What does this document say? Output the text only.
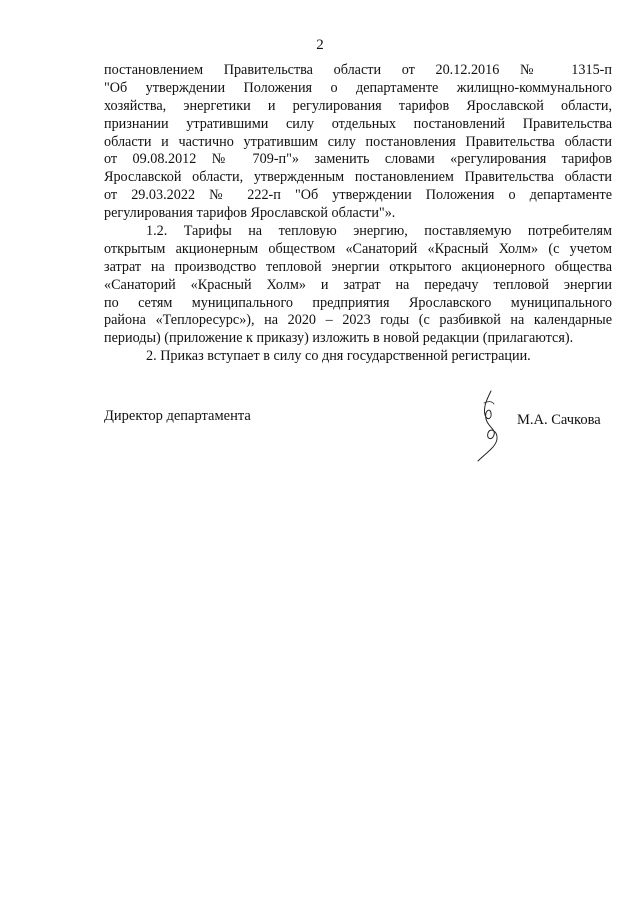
2
постановлением Правительства области от 20.12.2016 № 1315-п
"Об утверждении Положения о департаменте жилищно-коммунального
хозяйства, энергетики и регулирования тарифов Ярославской области,
признании утратившими силу отдельных постановлений Правительства
области и частично утратившим силу постановления Правительства области
от 09.08.2012 № 709-п"» заменить словами «регулирования тарифов
Ярославской области, утвержденным постановлением Правительства области
от 29.03.2022 № 222-п "Об утверждении Положения о департаменте
регулирования тарифов Ярославской области"».
1.2. Тарифы на тепловую энергию, поставляемую потребителям
открытым акционерным обществом «Санаторий «Красный Холм» (с учетом
затрат на производство тепловой энергии открытого акционерного общества
«Санаторий «Красный Холм» и затрат на передачу тепловой энергии
по сетям муниципального предприятия Ярославского муниципального
района «Теплоресурс»), на 2020 – 2023 годы (с разбивкой на календарные
периоды) (приложение к приказу) изложить в новой редакции (прилагаются).
2. Приказ вступает в силу со дня государственной регистрации.
Директор департамента	М.А. Сачкова
